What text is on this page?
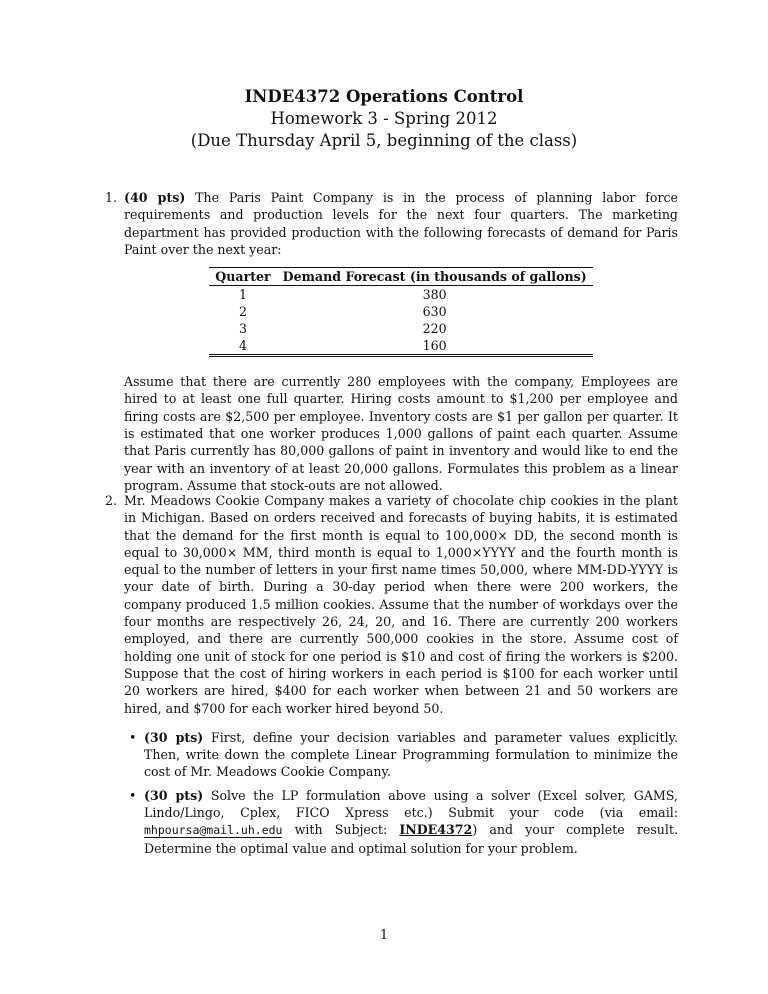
INDE4372 Operations Control
Homework 3 - Spring 2012
(Due Thursday April 5, beginning of the class)
1. (40 pts) The Paris Paint Company is in the process of planning labor force requirements and production levels for the next four quarters. The marketing department has provided production with the following forecasts of demand for Paris Paint over the next year:

Quarter	Demand Forecast (in thousands of gallons)
1	380
2	630
3	220
4	160

Assume that there are currently 280 employees with the company, Employees are hired to at least one full quarter. Hiring costs amount to $1,200 per employee and firing costs are $2,500 per employee. Inventory costs are $1 per gallon per quarter. It is estimated that one worker produces 1,000 gallons of paint each quarter. Assume that Paris currently has 80,000 gallons of paint in inventory and would like to end the year with an inventory of at least 20,000 gallons. Formulates this problem as a linear program. Assume that stock-outs are not allowed.

2. Mr. Meadows Cookie Company makes a variety of chocolate chip cookies in the plant in Michigan. Based on orders received and forecasts of buying habits, it is estimated that the demand for the first month is equal to 100,000× DD, the second month is equal to 30,000× MM, third month is equal to 1,000×YYYY and the fourth month is equal to the number of letters in your first name times 50,000, where MM-DD-YYYY is your date of birth. During a 30-day period when there were 200 workers, the company produced 1.5 million cookies. Assume that the number of workdays over the four months are respectively 26, 24, 20, and 16. There are currently 200 workers employed, and there are currently 500,000 cookies in the store. Assume cost of holding one unit of stock for one period is $10 and cost of firing the workers is $200. Suppose that the cost of hiring workers in each period is $100 for each worker until 20 workers are hired, $400 for each worker when between 21 and 50 workers are hired, and $700 for each worker hired beyond 50.

• (30 pts) First, define your decision variables and parameter values explicitly. Then, write down the complete Linear Programming formulation to minimize the cost of Mr. Meadows Cookie Company.
• (30 pts) Solve the LP formulation above using a solver (Excel solver, GAMS, Lindo/Lingo, Cplex, FICO Xpress etc.) Submit your code (via email: mhpoursa@mail.uh.edu with Subject: INDE4372) and your complete result. Determine the optimal value and optimal solution for your problem.
1
